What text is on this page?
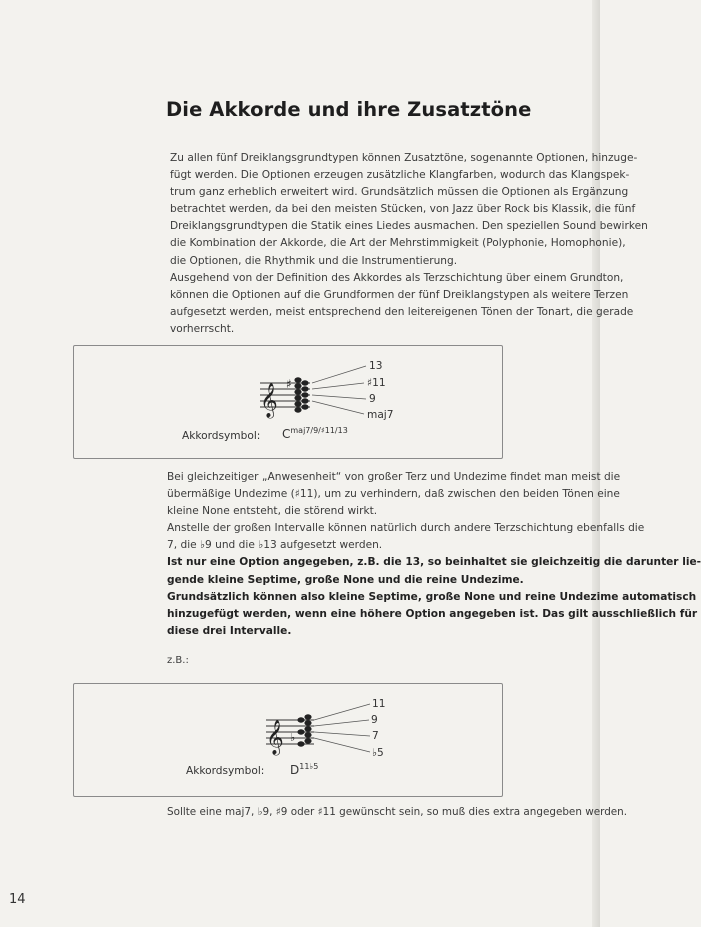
Die Akkorde und ihre Zusatztöne
Zu allen fünf Dreiklangsgrundtypen können Zusatztöne, sogenannte Optionen, hinzuge-
fügt werden. Die Optionen erzeugen zusätzliche Klangfarben, wodurch das Klangspek-
trum ganz erheblich erweitert wird. Grundsätzlich müssen die Optionen als Ergänzung
betrachtet werden, da bei den meisten Stücken, von Jazz über Rock bis Klassik, die fünf
Dreiklangsgrundtypen die Statik eines Liedes ausmachen. Den speziellen Sound bewirken
die Kombination der Akkorde, die Art der Mehrstimmigkeit (Polyphonie, Homophonie),
die Optionen, die Rhythmik und die Instrumentierung.
Ausgehend von der Definition des Akkordes als Terzschichtung über einem Grundton,
können die Optionen auf die Grundformen der fünf Dreiklangstypen als weitere Terzen
aufgesetzt werden, meist entsprechend den leitereigenen Tönen der Tonart, die gerade
vorherrscht.
𝄞 ♯
13
♯11
9
maj7
Akkordsymbol: $C^{maj7/9/♯11/13}$
Bei gleichzeitiger „Anwesenheit“ von großer Terz und Undezime findet man meist die
übermäßige Undezime (♯11), um zu verhindern, daß zwischen den beiden Tönen eine
kleine None entsteht, die störend wirkt.
Anstelle der großen Intervalle können natürlich durch andere Terzschichtung ebenfalls die
7, die ♭9 und die ♭13 aufgesetzt werden.
Ist nur eine Option angegeben, z.B. die 13, so beinhaltet sie gleichzeitig die darunter lie-
gende kleine Septime, große None und die reine Undezime.
Grundsätzlich können also kleine Septime, große None und reine Undezime automatisch
hinzugefügt werden, wenn eine höhere Option angegeben ist. Das gilt ausschließlich für
diese drei Intervalle.
z.B.:
𝄞 ♭
11
9
7
♭5
Akkordsymbol: $D^{11♭5}$
Sollte eine maj7, ♭9, ♯9 oder ♯11 gewünscht sein, so muß dies extra angegeben werden.
14
